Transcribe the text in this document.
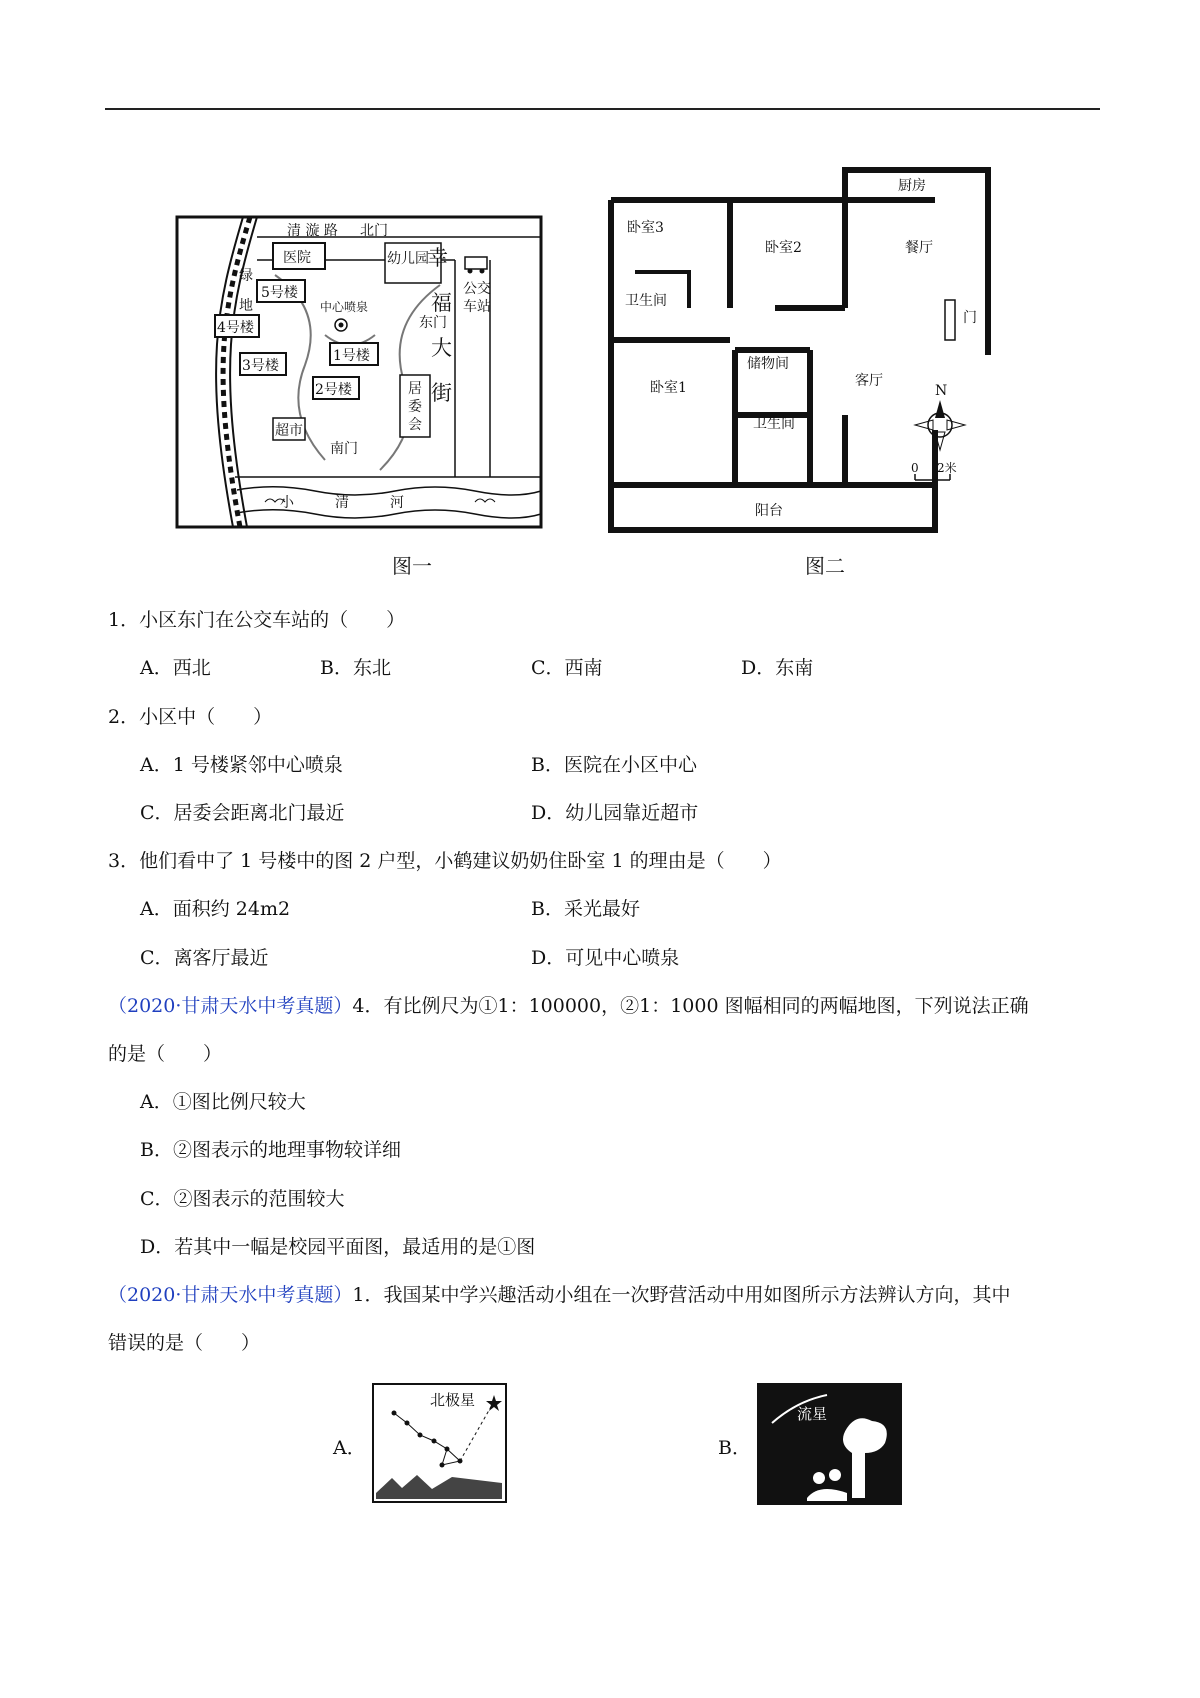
清 漩 路 北门
医院	幼儿园
绿
地
5号楼
4号楼
3号楼
中心喷泉
1号楼
2号楼
东门
幸
福
大
街
公交
车站
居
委
会
超市
南门
小	清	河
图一
厨房
卧室3
卧室2	餐厅
卫生间
门
储物间
卧室1	客厅
卫生间
阳台
N
0 2米
图二
1．小区东门在公交车站的（　　）
A．西北	B．东北	C．西南	D．东南
2．小区中（　　）
A．1 号楼紧邻中心喷泉	B．医院在小区中心
C．居委会距离北门最近	D．幼儿园靠近超市
3．他们看中了 1 号楼中的图 2 户型，小鹤建议奶奶住卧室 1 的理由是（　　）
A．面积约 24m2	B．采光最好
C．离客厅最近	D．可见中心喷泉
（2020·甘肃天水中考真题）4．有比例尺为①1：100000，②1：1000 图幅相同的两幅地图，下列说法正确
的是（　　）
A．①图比例尺较大
B．②图表示的地理事物较详细
C．②图表示的范围较大
D．若其中一幅是校园平面图，最适用的是①图
（2020·甘肃天水中考真题）1．我国某中学兴趣活动小组在一次野营活动中用如图所示方法辨认方向，其中
错误的是（　　）
A．
北极星
B．
流星
